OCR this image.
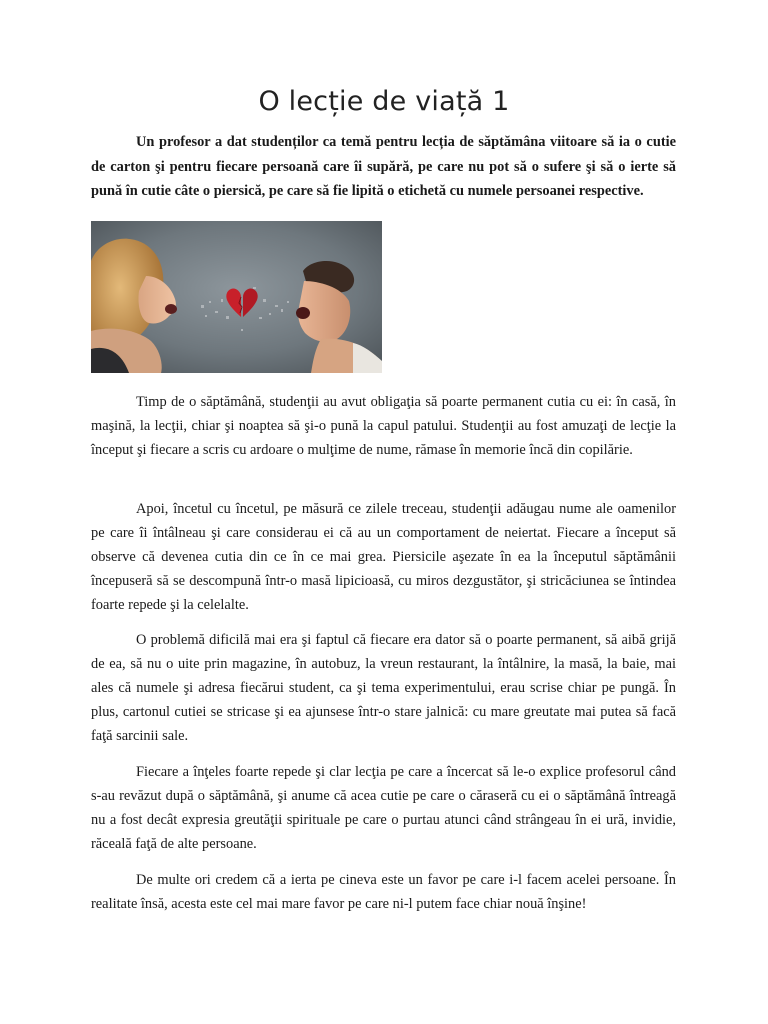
O lecție de viață 1

Un profesor a dat studenților ca temă pentru lecția de săptămâna viitoare să ia o cutie de carton şi pentru fiecare persoană care îi supără, pe care nu pot să o sufere şi să o ierte să pună în cutie câte o piersică, pe care să fie lipită o etichetă cu numele persoanei respective.

Timp de o săptămână, studenţii au avut obligaţia să poarte permanent cutia cu ei: în casă, în maşină, la lecţii, chiar şi noaptea să şi-o pună la capul patului. Studenţii au fost amuzaţi de lecţie la început şi fiecare a scris cu ardoare o mulţime de nume, rămase în memorie încă din copilărie.

Apoi, încetul cu încetul, pe măsură ce zilele treceau, studenţii adăugau nume ale oamenilor pe care îi întâlneau şi care considerau ei că au un comportament de neiertat. Fiecare a început să observe că devenea cutia din ce în ce mai grea. Piersicile aşezate în ea la începutul săptămânii începuseră să se descompună într-o masă lipicioasă, cu miros dezgustător, şi stricăciunea se întindea foarte repede şi la celelalte.

O problemă dificilă mai era şi faptul că fiecare era dator să o poarte permanent, să aibă grijă de ea, să nu o uite prin magazine, în autobuz, la vreun restaurant, la întâlnire, la masă, la baie, mai ales că numele şi adresa fiecărui student, ca şi tema experimentului, erau scrise chiar pe pungă. În plus, cartonul cutiei se stricase şi ea ajunsese într-o stare jalnică: cu mare greutate mai putea să facă faţă sarcinii sale.

Fiecare a înţeles foarte repede şi clar lecţia pe care a încercat să le-o explice profesorul când s-au revăzut după o săptămână, şi anume că acea cutie pe care o căraseră cu ei o săptămână întreagă nu a fost decât expresia greutăţii spirituale pe care o purtau atunci când strângeau în ei ură, invidie, răceală faţă de alte persoane.

De multe ori credem că a ierta pe cineva este un favor pe care i-l facem acelei persoane. În realitate însă, acesta este cel mai mare favor pe care ni-l putem face chiar nouă înşine!
